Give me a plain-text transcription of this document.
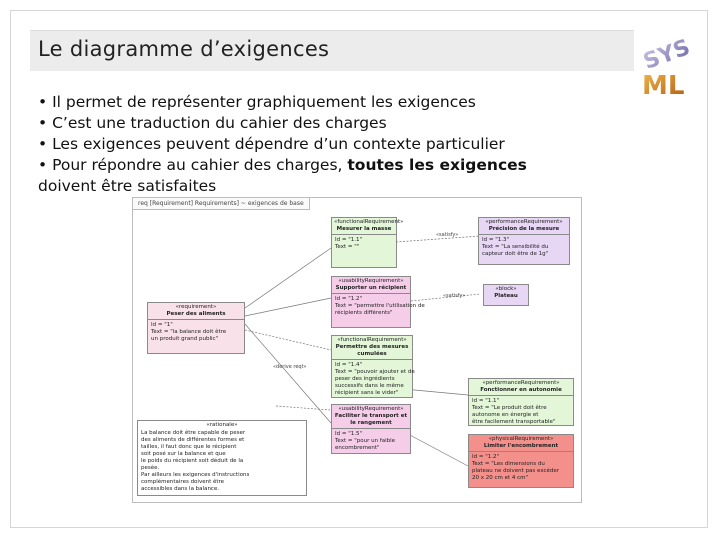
Le diagramme d’exigences	SYS
ML
• Il permet de représenter graphiquement les exigences
• C’est une traduction du cahier des charges
• Les exigences peuvent dépendre d’un contexte particulier
• Pour répondre au cahier des charges, toutes les exigences
doivent être satisfaites
req [Requirement] Requirements] ~ exigences de base
«satisfy»
«satisfy»
«derive reqt»
«functionalRequirement»
Mesurer la masse
Id = "1.1"
Text = ""
«performanceRequirement»
Précision de la mesure
Id = "1.3"
Text = "La sensibilité du
capteur doit être de 1g"
«usabilityRequirement»
Supporter un récipient
Id = "1.2"
Text = "permettre l'utilisation de
récipients différents"
«block»
Plateau
«requirement»
Peser des aliments
Id = "1"
Text = "la balance doit être
un produit grand public"	«functionalRequirement»
Permettre des mesures cumulées
Id = "1.4"
Text = "pouvoir ajouter et de
peser des ingrédients
successifs dans le même
récipient sans le vider"
«performanceRequirement»
Fonctionner en autonomie
Id = "1.1"
Text = "Le produit doit être
autonome en énergie et
être facilement transportable"
«usabilityRequirement»
Faciliter le transport et le rangement
Id = "1.5"
Text = "pour un faible
encombrement"
«physicalRequirement»
Limiter l'encombrement
Id = "1.2"
Text = "Les dimensions du
plateau ne doivent pas excéder
20 x 20 cm et 4 cm"
«rationale»
La balance doit être capable de peser
des aliments de différentes formes et
tailles, il faut donc que le récipient
soit posé sur la balance et que
le poids du récipient soit déduit de la
pesée.
Par ailleurs les exigences d'instructions
complémentaires doivent être
accessibles dans la balance.
